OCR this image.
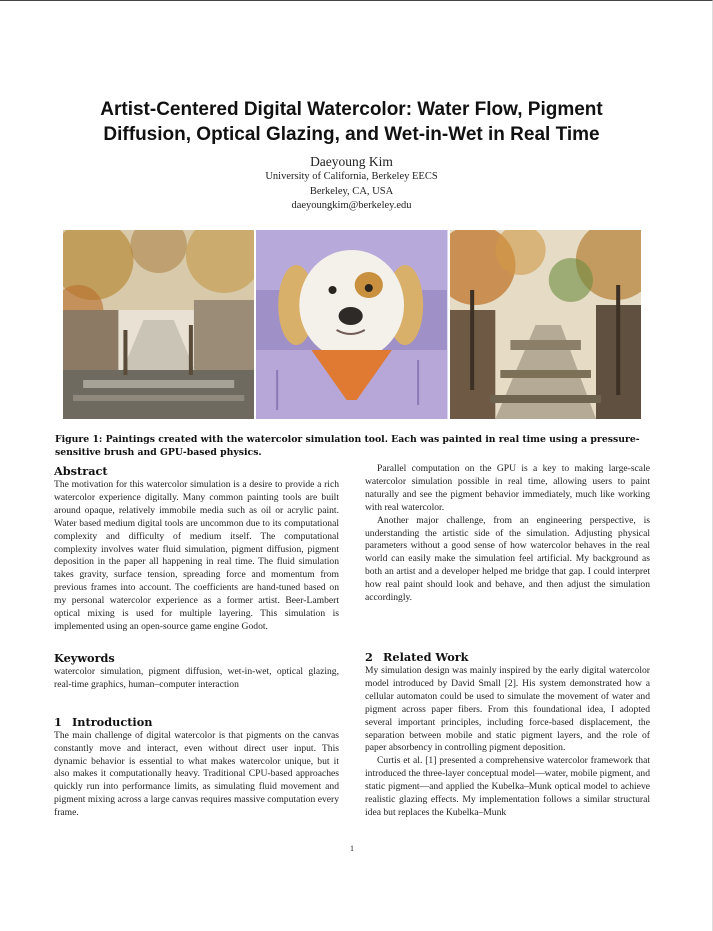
Artist-Centered Digital Watercolor: Water Flow, Pigment
Diffusion, Optical Glazing, and Wet-in-Wet in Real Time
Daeyoung Kim
University of California, Berkeley EECS
Berkeley, CA, USA
daeyoungkim@berkeley.edu
Figure 1: Paintings created with the watercolor simulation tool. Each was painted in real time using a pressure-sensitive brush and GPU-based physics.
Abstract

The motivation for this watercolor simulation is a desire to provide a rich watercolor experience digitally. Many common painting tools are built around opaque, relatively immobile media such as oil or acrylic paint. Water based medium digital tools are uncommon due to its computational complexity and difficulty of medium itself. The computational complexity involves water fluid simulation, pigment diffusion, pigment deposition in the paper all happening in real time. The fluid simulation takes gravity, surface tension, spreading force and momentum from previous frames into account. The coefficients are hand-tuned based on my personal watercolor experience as a former artist. Beer-Lambert optical mixing is used for multiple layering. This simulation is implemented using an open-source game engine Godot.

Keywords

watercolor simulation, pigment diffusion, wet-in-wet, optical glazing, real-time graphics, human–computer interaction

1 Introduction

The main challenge of digital watercolor is that pigments on the canvas constantly move and interact, even without direct user input. This dynamic behavior is essential to what makes watercolor unique, but it also makes it computationally heavy. Traditional CPU-based approaches quickly run into performance limits, as simulating fluid movement and pigment mixing across a large canvas requires massive computation every frame.

Parallel computation on the GPU is a key to making large-scale watercolor simulation possible in real time, allowing users to paint naturally and see the pigment behavior immediately, much like working with real watercolor.

Another major challenge, from an engineering perspective, is understanding the artistic side of the simulation. Adjusting physical parameters without a good sense of how watercolor behaves in the real world can easily make the simulation feel artificial. My background as both an artist and a developer helped me bridge that gap. I could interpret how real paint should look and behave, and then adjust the simulation accordingly.

2 Related Work

My simulation design was mainly inspired by the early digital watercolor model introduced by David Small [2]. His system demonstrated how a cellular automaton could be used to simulate the movement of water and pigment across paper fibers. From this foundational idea, I adopted several important principles, including force-based displacement, the separation between mobile and static pigment layers, and the role of paper absorbency in controlling pigment deposition.

Curtis et al. [1] presented a comprehensive watercolor framework that introduced the three-layer conceptual model—water, mobile pigment, and static pigment—and applied the Kubelka–Munk optical model to achieve realistic glazing effects. My implementation follows a similar structural idea but replaces the Kubelka–Munk

1
